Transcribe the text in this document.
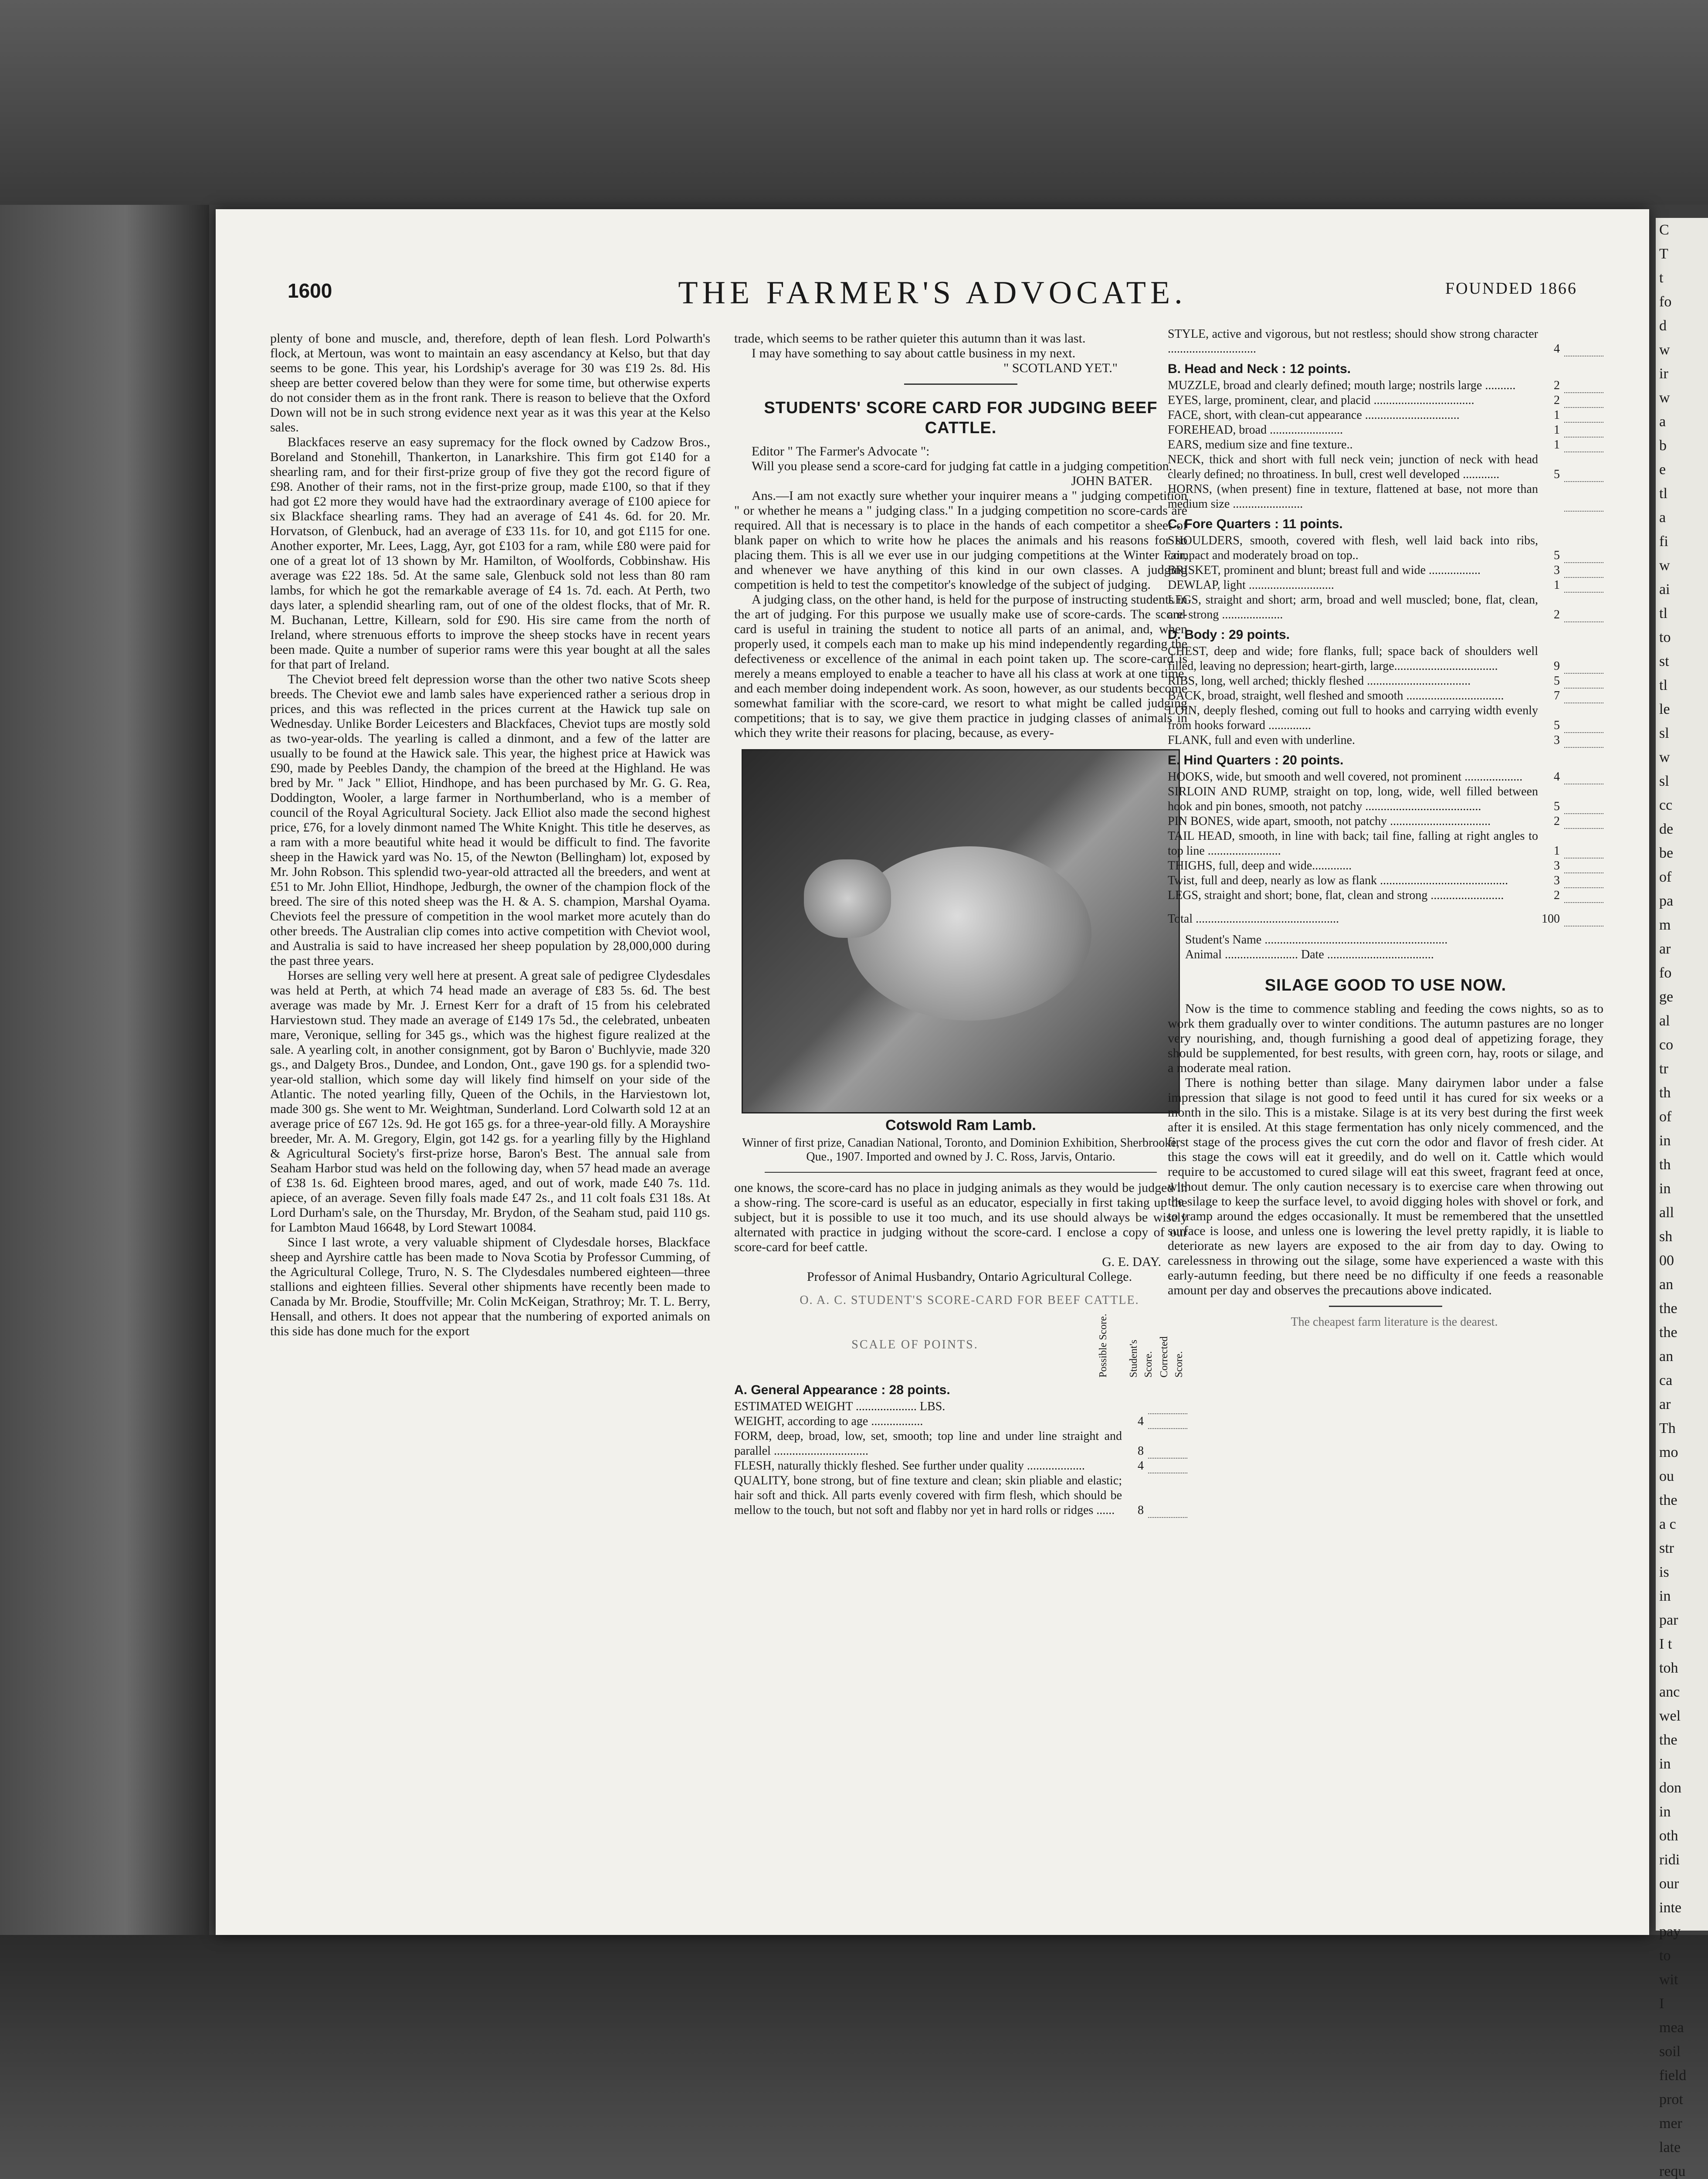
C
T
t
fo
d
w
ir
w
a
b
e
tl
a
fi
w
ai
tl
to
st
tl
le
sl
w
sl
cc
de
be
of
pa
m
ar
fo
ge
al
co
tr
th
of
in
th
in
all
sh
00
an
the
the
an
ca
ar
Th
mo
ou
the
a c
str
is
in
par
I t
toh
anc
wel
the
in
don
in
oth
ridi
our
inte
pay
to
wit
I
mea
soil
field
prot
mer
late
requ
1600	THE FARMER'S ADVOCATE.	FOUNDED 1866

plenty of bone and muscle, and, therefore, depth of lean flesh. Lord Polwarth's flock, at Mertoun, was wont to maintain an easy ascendancy at Kelso, but that day seems to be gone. This year, his Lordship's average for 30 was £19 2s. 8d. His sheep are better covered below than they were for some time, but otherwise experts do not consider them as in the front rank. There is reason to believe that the Oxford Down will not be in such strong evidence next year as it was this year at the Kelso sales.

Blackfaces reserve an easy supremacy for the flock owned by Cadzow Bros., Boreland and Stonehill, Thankerton, in Lanarkshire. This firm got £140 for a shearling ram, and for their first-prize group of five they got the record figure of £98. Another of their rams, not in the first-prize group, made £100, so that if they had got £2 more they would have had the extraordinary average of £100 apiece for six Blackface shearling rams. They had an average of £41 4s. 6d. for 20. Mr. Horvatson, of Glenbuck, had an average of £33 11s. for 10, and got £115 for one. Another exporter, Mr. Lees, Lagg, Ayr, got £103 for a ram, while £80 were paid for one of a great lot of 13 shown by Mr. Hamilton, of Woolfords, Cobbinshaw. His average was £22 18s. 5d. At the same sale, Glenbuck sold not less than 80 ram lambs, for which he got the remarkable average of £4 1s. 7d. each. At Perth, two days later, a splendid shearling ram, out of one of the oldest flocks, that of Mr. R. M. Buchanan, Lettre, Killearn, sold for £90. His sire came from the north of Ireland, where strenuous efforts to improve the sheep stocks have in recent years been made. Quite a number of superior rams were this year bought at all the sales for that part of Ireland.

The Cheviot breed felt depression worse than the other two native Scots sheep breeds. The Cheviot ewe and lamb sales have experienced rather a serious drop in prices, and this was reflected in the prices current at the Hawick tup sale on Wednesday. Unlike Border Leicesters and Blackfaces, Cheviot tups are mostly sold as two-year-olds. The yearling is called a dinmont, and a few of the latter are usually to be found at the Hawick sale. This year, the highest price at Hawick was £90, made by Peebles Dandy, the champion of the breed at the Highland. He was bred by Mr. " Jack " Elliot, Hindhope, and has been purchased by Mr. G. G. Rea, Doddington, Wooler, a large farmer in Northumberland, who is a member of council of the Royal Agricultural Society. Jack Elliot also made the second highest price, £76, for a lovely dinmont named The White Knight. This title he deserves, as a ram with a more beautiful white head it would be difficult to find. The favorite sheep in the Hawick yard was No. 15, of the Newton (Bellingham) lot, exposed by Mr. John Robson. This splendid two-year-old attracted all the breeders, and went at £51 to Mr. John Elliot, Hindhope, Jedburgh, the owner of the champion flock of the breed. The sire of this noted sheep was the H. & A. S. champion, Marshal Oyama. Cheviots feel the pressure of competition in the wool market more acutely than do other breeds. The Australian clip comes into active competition with Cheviot wool, and Australia is said to have increased her sheep population by 28,000,000 during the past three years.

Horses are selling very well here at present. A great sale of pedigree Clydesdales was held at Perth, at which 74 head made an average of £83 5s. 6d. The best average was made by Mr. J. Ernest Kerr for a draft of 15 from his celebrated Harviestown stud. They made an average of £149 17s 5d., the celebrated, unbeaten mare, Veronique, selling for 345 gs., which was the highest figure realized at the sale. A yearling colt, in another consignment, got by Baron o' Buchlyvie, made 320 gs., and Dalgety Bros., Dundee, and London, Ont., gave 190 gs. for a splendid two-year-old stallion, which some day will likely find himself on your side of the Atlantic. The noted yearling filly, Queen of the Ochils, in the Harviestown lot, made 300 gs. She went to Mr. Weightman, Sunderland. Lord Colwarth sold 12 at an average price of £67 12s. 9d. He got 165 gs. for a three-year-old filly. A Morayshire breeder, Mr. A. M. Gregory, Elgin, got 142 gs. for a yearling filly by the Highland & Agricultural Society's first-prize horse, Baron's Best. The annual sale from Seaham Harbor stud was held on the following day, when 57 head made an average of £38 1s. 6d. Eighteen brood mares, aged, and out of work, made £40 7s. 11d. apiece, of an average. Seven filly foals made £47 2s., and 11 colt foals £31 18s. At Lord Durham's sale, on the Thursday, Mr. Brydon, of the Seaham stud, paid 110 gs. for Lambton Maud 16648, by Lord Stewart 10084.

Since I last wrote, a very valuable shipment of Clydesdale horses, Blackface sheep and Ayrshire cattle has been made to Nova Scotia by Professor Cumming, of the Agricultural College, Truro, N. S. The Clydesdales numbered eighteen—three stallions and eighteen fillies. Several other shipments have recently been made to Canada by Mr. Brodie, Stouffville; Mr. Colin McKeigan, Strathroy; Mr. T. L. Berry, Hensall, and others. It does not appear that the numbering of exported animals on this side has done much for the export

trade, which seems to be rather quieter this autumn than it was last.

I may have something to say about cattle business in my next.

" SCOTLAND YET."

STUDENTS' SCORE CARD FOR JUDGING BEEF CATTLE.

Editor " The Farmer's Advocate ":

Will you please send a score-card for judging fat cattle in a judging competition.

JOHN BATER.

Ans.—I am not exactly sure whether your inquirer means a " judging competition " or whether he means a " judging class." In a judging competition no score-cards are required. All that is necessary is to place in the hands of each competitor a sheet of blank paper on which to write how he places the animals and his reasons for so placing them. This is all we ever use in our judging competitions at the Winter Fair, and whenever we have anything of this kind in our own classes. A judging competition is held to test the competitor's knowledge of the subject of judging.

A judging class, on the other hand, is held for the purpose of instructing students in the art of judging. For this purpose we usually make use of score-cards. The score-card is useful in training the student to notice all parts of an animal, and, when properly used, it compels each man to make up his mind independently regarding the defectiveness or excellence of the animal in each point taken up. The score-card is merely a means employed to enable a teacher to have all his class at work at one time, and each member doing independent work. As soon, however, as our students become somewhat familiar with the score-card, we resort to what might be called judging competitions; that is to say, we give them practice in judging classes of animals in which they write their reasons for placing, because, as every-

Cotswold Ram Lamb.
Winner of first prize, Canadian National, Toronto, and Dominion Exhibition, Sherbrooke, Que., 1907. Imported and owned by J. C. Ross, Jarvis, Ontario.

one knows, the score-card has no place in judging animals as they would be judged in a show-ring. The score-card is useful as an educator, especially in first taking up the subject, but it is possible to use it too much, and its use should always be wisely alternated with practice in judging without the score-card. I enclose a copy of our score-card for beef cattle.

G. E. DAY.

Professor of Animal Husbandry, Ontario Agricultural College.

O. A. C. STUDENT'S SCORE-CARD FOR BEEF CATTLE.

SCALE OF POINTS.	Possible Score.	Student's Score. Corrected Score.
A. General Appearance : 28 points.
ESTIMATED WEIGHT .................... LBS.
WEIGHT, according to age .................	4
FORM, deep, broad, low, set, smooth; top line and under line straight and parallel ...............................	8
FLESH, naturally thickly fleshed. See further under quality ...................	4
QUALITY, bone strong, but of fine texture and clean; skin pliable and elastic; hair soft and thick. All parts evenly covered with firm flesh, which should be mellow to the touch, but not soft and flabby nor yet in hard rolls or ridges ......	8
STYLE, active and vigorous, but not restless; should show strong character .............................	4
B. Head and Neck : 12 points.
MUZZLE, broad and clearly defined; mouth large; nostrils large ..........	2
EYES, large, prominent, clear, and placid .................................	2
FACE, short, with clean-cut appearance ...............................	1
FOREHEAD, broad ........................	1
EARS, medium size and fine texture..	1
NECK, thick and short with full neck vein; junction of neck with head clearly defined; no throatiness. In bull, crest well developed ............	5
HORNS, (when present) fine in texture, flattened at base, not more than medium size .......................
C. Fore Quarters : 11 points.
SHOULDERS, smooth, covered with flesh, well laid back into ribs, compact and moderately broad on top..	5
BRISKET, prominent and blunt; breast full and wide .................	3
DEWLAP, light ............................	1
LEGS, straight and short; arm, broad and well muscled; bone, flat, clean, and strong ....................	2
D. Body : 29 points.
CHEST, deep and wide; fore flanks, full; space back of shoulders well filled, leaving no depression; heart-girth, large..................................	9
RIBS, long, well arched; thickly fleshed ..................................	5
BACK, broad, straight, well fleshed and smooth ................................	7
LOIN, deeply fleshed, coming out full to hooks and carrying width evenly from hooks forward ..............	5
FLANK, full and even with underline.	3
E. Hind Quarters : 20 points.
HOOKS, wide, but smooth and well covered, not prominent ...................	4
SIRLOIN AND RUMP, straight on top, long, wide, well filled between hook and pin bones, smooth, not patchy ......................................	5
PIN BONES, wide apart, smooth, not patchy .................................	2
TAIL HEAD, smooth, in line with back; tail fine, falling at right angles to top line ........................	1
THIGHS, full, deep and wide.............	3
Twist, full and deep, nearly as low as flank ..........................................	3
LEGS, straight and short; bone, flat, clean and strong ........................	2
Total ...............................................	100

Student's Name ............................................................

Animal ........................ Date ...................................

SILAGE GOOD TO USE NOW.

Now is the time to commence stabling and feeding the cows nights, so as to work them gradually over to winter conditions. The autumn pastures are no longer very nourishing, and, though furnishing a good deal of appetizing forage, they should be supplemented, for best results, with green corn, hay, roots or silage, and a moderate meal ration.

There is nothing better than silage. Many dairymen labor under a false impression that silage is not good to feed until it has cured for six weeks or a month in the silo. This is a mistake. Silage is at its very best during the first week after it is ensiled. At this stage fermentation has only nicely commenced, and the first stage of the process gives the cut corn the odor and flavor of fresh cider. At this stage the cows will eat it greedily, and do well on it. Cattle which would require to be accustomed to cured silage will eat this sweet, fragrant feed at once, without demur. The only caution necessary is to exercise care when throwing out the silage to keep the surface level, to avoid digging holes with shovel or fork, and to tramp around the edges occasionally. It must be remembered that the unsettled surface is loose, and unless one is lowering the level pretty rapidly, it is liable to deteriorate as new layers are exposed to the air from day to day. Owing to carelessness in throwing out the silage, some have experienced a waste with this early-autumn feeding, but there need be no difficulty if one feeds a reasonable amount per day and observes the precautions above indicated.

The cheapest farm literature is the dearest.
